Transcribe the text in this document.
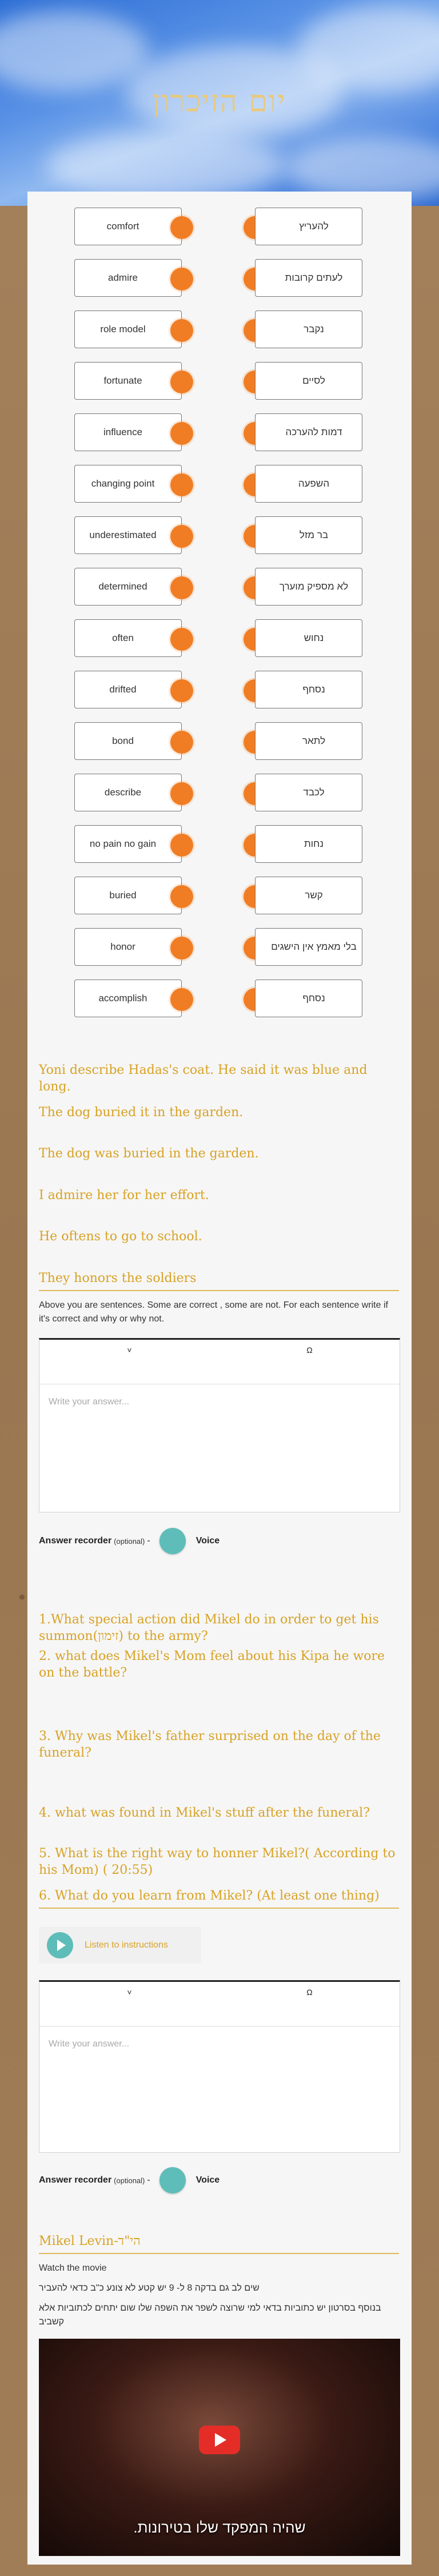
יום הזיכרון
comfort	להעריץ
admire	לעתים קרובות
role model	נקבר
fortunate	לסיים
influence	דמות להערכה
changing point	השפעה
underestimated	בר מזל
determined	לא מספיק מוערך
often	נחוש
drifted	נסחף
bond	לתאר
describe	לכבד
no pain no gain	נחות
buried	קשר
honor	בלי מאמץ אין הישגים
accomplish	נסחף
Yoni describe Hadas's coat. He said it was blue and long.
The dog buried it in the garden.
The dog was buried in the garden.
I admire her for her effort.
He oftens to go to school.
They honors the soldiers
Above you are sentences. Some are correct , some are not. For each sentence write if it's correct and why or why not.
˅	Ω
Write your answer...
Answer recorder (optional) -	Voice
1.What special action did Mikel do in order to get his summon(זימון) to the army?
2. what does Mikel's Mom feel about his Kipa he wore on the battle?
3. Why was Mikel's father surprised on the day of the funeral?
4. what was found in Mikel's stuff after the funeral?
5. What is the right way to honner Mikel?( According to his Mom) ( 20:55)
6. What do you learn from Mikel? (At least one thing)
Listen to instructions
˅	Ω
Write your answer...
Answer recorder (optional) -	Voice
Mikel Levin-הי"ד
Watch the movie
שים לב גם בדקה 8 ל- 9 יש קטע לא צונע כ"ב כדאי להעביר
בנוסף בסרטון יש כתוביות בדאי למי שרוצה לשפר את השפה שלו שום יתחים לכתוביות אלא קשביב
שהיה המפקד שלו בטירונות.
